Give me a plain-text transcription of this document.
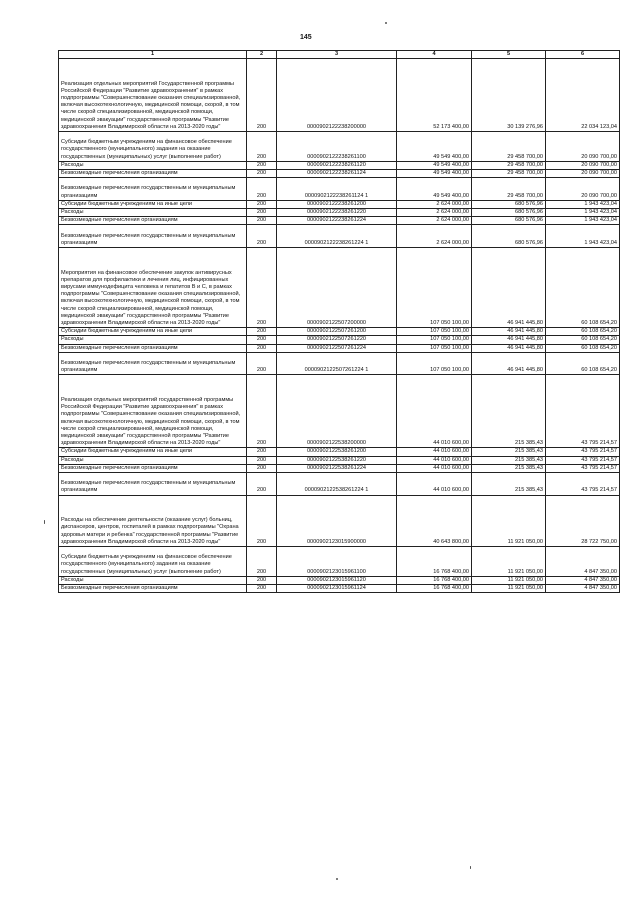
145
1	2	3	4	5	6
Реализация отдельных мероприятий Государственной программы Российской Федерации "Развитие здравоохранения" в рамках подпрограммы "Совершенствование оказания специализированной, включая высокотехнологичную, медицинской помощи, скорой, в том числе скорой специализированной, медицинской помощи, медицинской эвакуации" государственной программы "Развитие здравоохранения Владимирской области на 2013-2020 годы"	200	0000902122238200000	52 173 400,00	30 139 276,96	22 034 123,04
Субсидии бюджетным учреждениям на финансовое обеспечение государственного (муниципального) задания на оказание государственных (муниципальных) услуг (выполнение работ)	200	0000902122238261100	49 549 400,00	29 458 700,00	20 090 700,00
Расходы	200	0000902122238261120	49 549 400,00	29 458 700,00	20 090 700,00
Безвозмездные перечисления организациям	200	0000902122238261124	49 549 400,00	29 458 700,00	20 090 700,00
Безвозмездные перечисления государственным и муниципальным организациям	200	0000902122238261124 1	49 549 400,00	29 458 700,00	20 090 700,00
Субсидии бюджетным учреждениям на иные цели	200	0000902122238261200	2 624 000,00	680 576,96	1 943 423,04
Расходы	200	0000902122238261220	2 624 000,00	680 576,96	1 943 423,04
Безвозмездные перечисления организациям	200	0000902122238261224	2 624 000,00	680 576,96	1 943 423,04
Безвозмездные перечисления государственным и муниципальным организациям	200	0000902122238261224 1	2 624 000,00	680 576,96	1 943 423,04
Мероприятия на финансовое обеспечение закупок антивирусных препаратов для профилактики и лечения лиц, инфицированных вирусами иммунодефицита человека и гепатитов B и C, в рамках подпрограммы "Совершенствование оказания специализированной, включая высокотехнологичную, медицинской помощи, скорой, в том числе скорой специализированной, медицинской помощи, медицинской эвакуации" государственной программы "Развитие здравоохранения Владимирской области на 2013-2020 годы"	200	0000902122507200000	107 050 100,00	46 941 445,80	60 108 654,20
Субсидии бюджетным учреждениям на иные цели	200	0000902122507261200	107 050 100,00	46 941 445,80	60 108 654,20
Расходы	200	0000902122507261220	107 050 100,00	46 941 445,80	60 108 654,20
Безвозмездные перечисления организациям	200	0000902122507261224	107 050 100,00	46 941 445,80	60 108 654,20
Безвозмездные перечисления государственным и муниципальным организациям	200	0000902122507261224 1	107 050 100,00	46 941 445,80	60 108 654,20
Реализация отдельных мероприятий государственной программы Российской Федерации "Развитие здравоохранения" в рамках подпрограммы "Совершенствование оказания специализированной, включая высокотехнологичную, медицинской помощи, скорой, в том числе скорой специализированной, медицинской помощи, медицинской эвакуации" государственной программы "Развитие здравоохранения Владимирской области на 2013-2020 годы"	200	0000902122538200000	44 010 600,00	215 385,43	43 795 214,57
Субсидии бюджетным учреждениям на иные цели	200	0000902122538261200	44 010 600,00	215 385,43	43 795 214,57
Расходы	200	0000902122538261220	44 010 600,00	215 385,43	43 795 214,57
Безвозмездные перечисления организациям	200	0000902122538261224	44 010 600,00	215 385,43	43 795 214,57
Безвозмездные перечисления государственным и муниципальным организациям	200	0000902122538261224 1	44 010 600,00	215 385,43	43 795 214,57
Расходы на обеспечение деятельности (оказание услуг) больниц, диспансеров, центров, госпиталей в рамках подпрограммы "Охрана здоровья матери и ребенка" государственной программы "Развитие здравоохранения Владимирской области на 2013-2020 годы"	200	0000902123015900000	40 643 800,00	11 921 050,00	28 722 750,00
Субсидии бюджетным учреждениям на финансовое обеспечение государственного (муниципального) задания на оказание государственных (муниципальных) услуг (выполнение работ)	200	0000902123015961100	16 768 400,00	11 921 050,00	4 847 350,00
Расходы	200	0000902123015961120	16 768 400,00	11 921 050,00	4 847 350,00
Безвозмездные перечисления организациям	200	0000902123015961124	16 768 400,00	11 921 050,00	4 847 350,00
